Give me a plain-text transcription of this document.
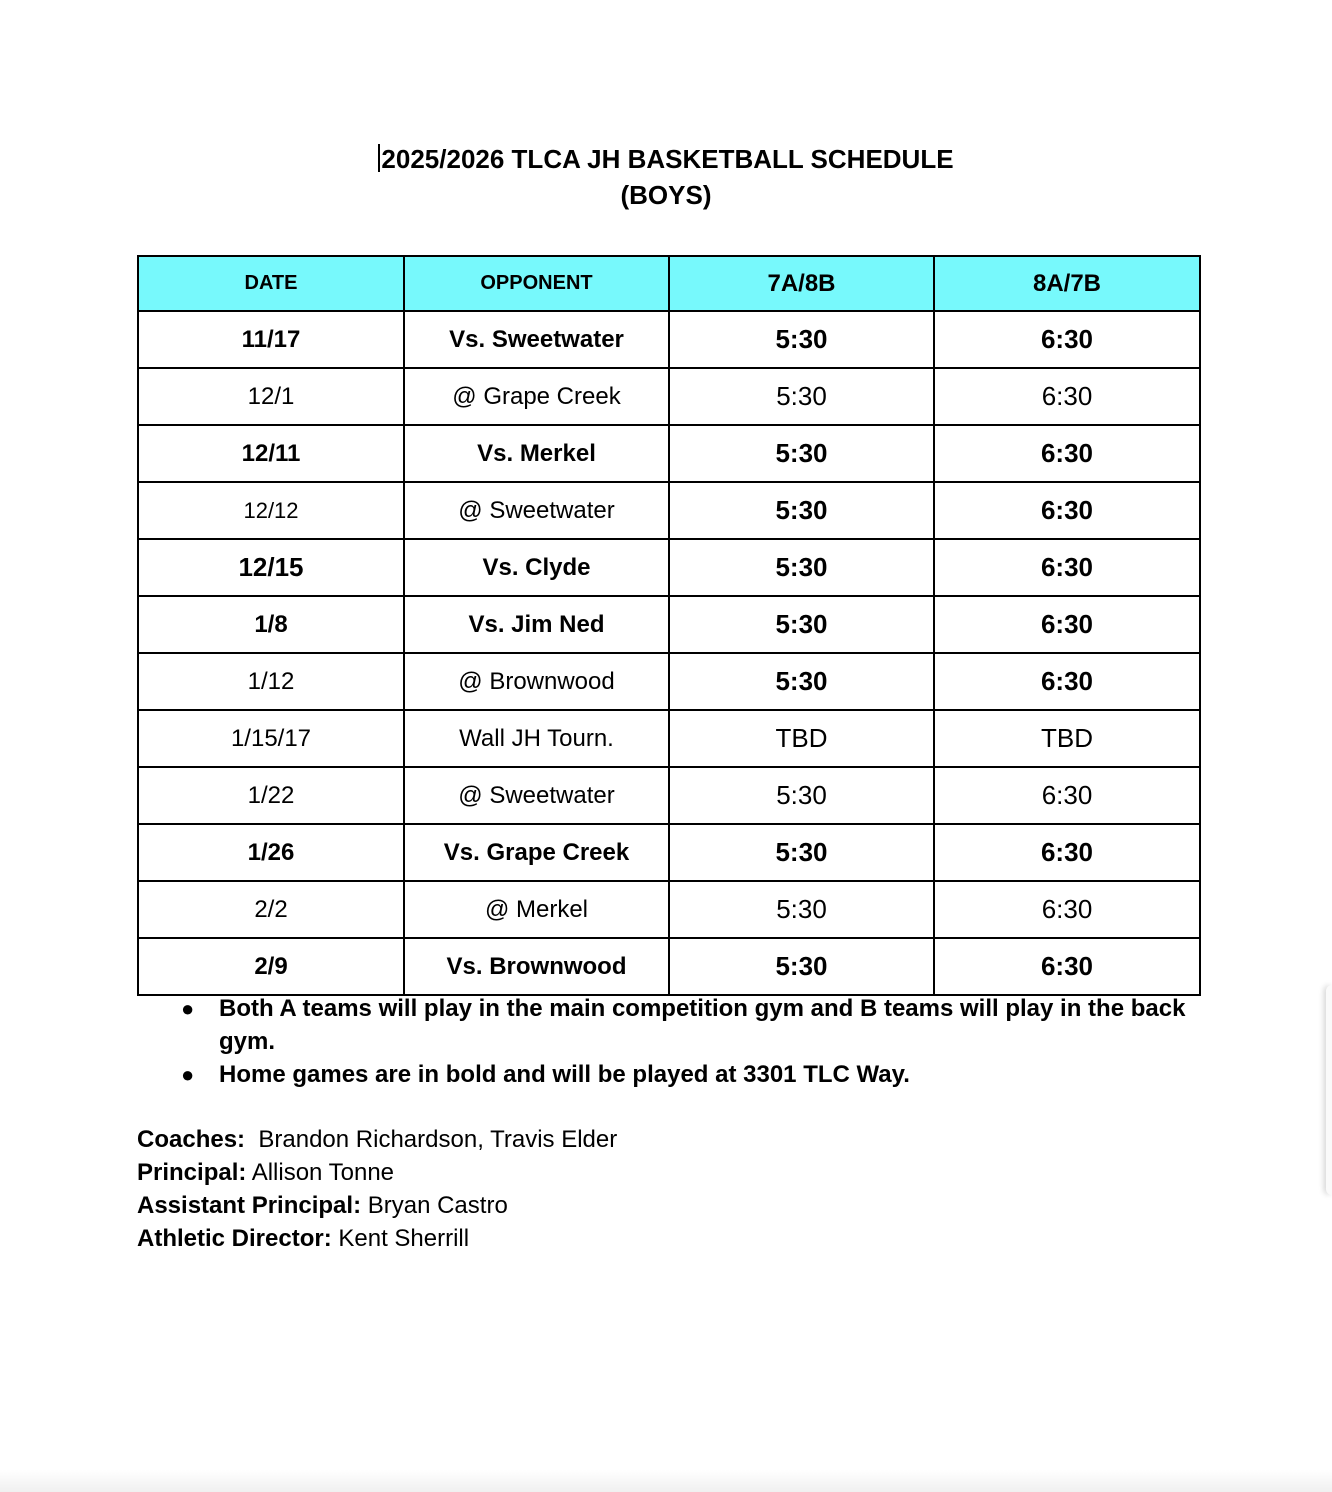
2025/2026 TLCA JH BASKETBALL SCHEDULE
(BOYS)
DATE	OPPONENT	7A/8B	8A/7B
11/17	Vs. Sweetwater	5:30	6:30
12/1	@ Grape Creek	5:30	6:30
12/11	Vs. Merkel	5:30	6:30
12/12	@ Sweetwater	5:30	6:30
12/15	Vs. Clyde	5:30	6:30
1/8	Vs. Jim Ned	5:30	6:30
1/12	@ Brownwood	5:30	6:30
1/15/17	Wall JH Tourn.	TBD	TBD
1/22	@ Sweetwater	5:30	6:30
1/26	Vs. Grape Creek	5:30	6:30
2/2	@ Merkel	5:30	6:30
2/9	Vs. Brownwood	5:30	6:30
● Both A teams will play in the main competition gym and B teams will play in the back gym.
● Home games are in bold and will be played at 3301 TLC Way.
Coaches: Brandon Richardson, Travis Elder
Principal: Allison Tonne
Assistant Principal: Bryan Castro
Athletic Director: Kent Sherrill
